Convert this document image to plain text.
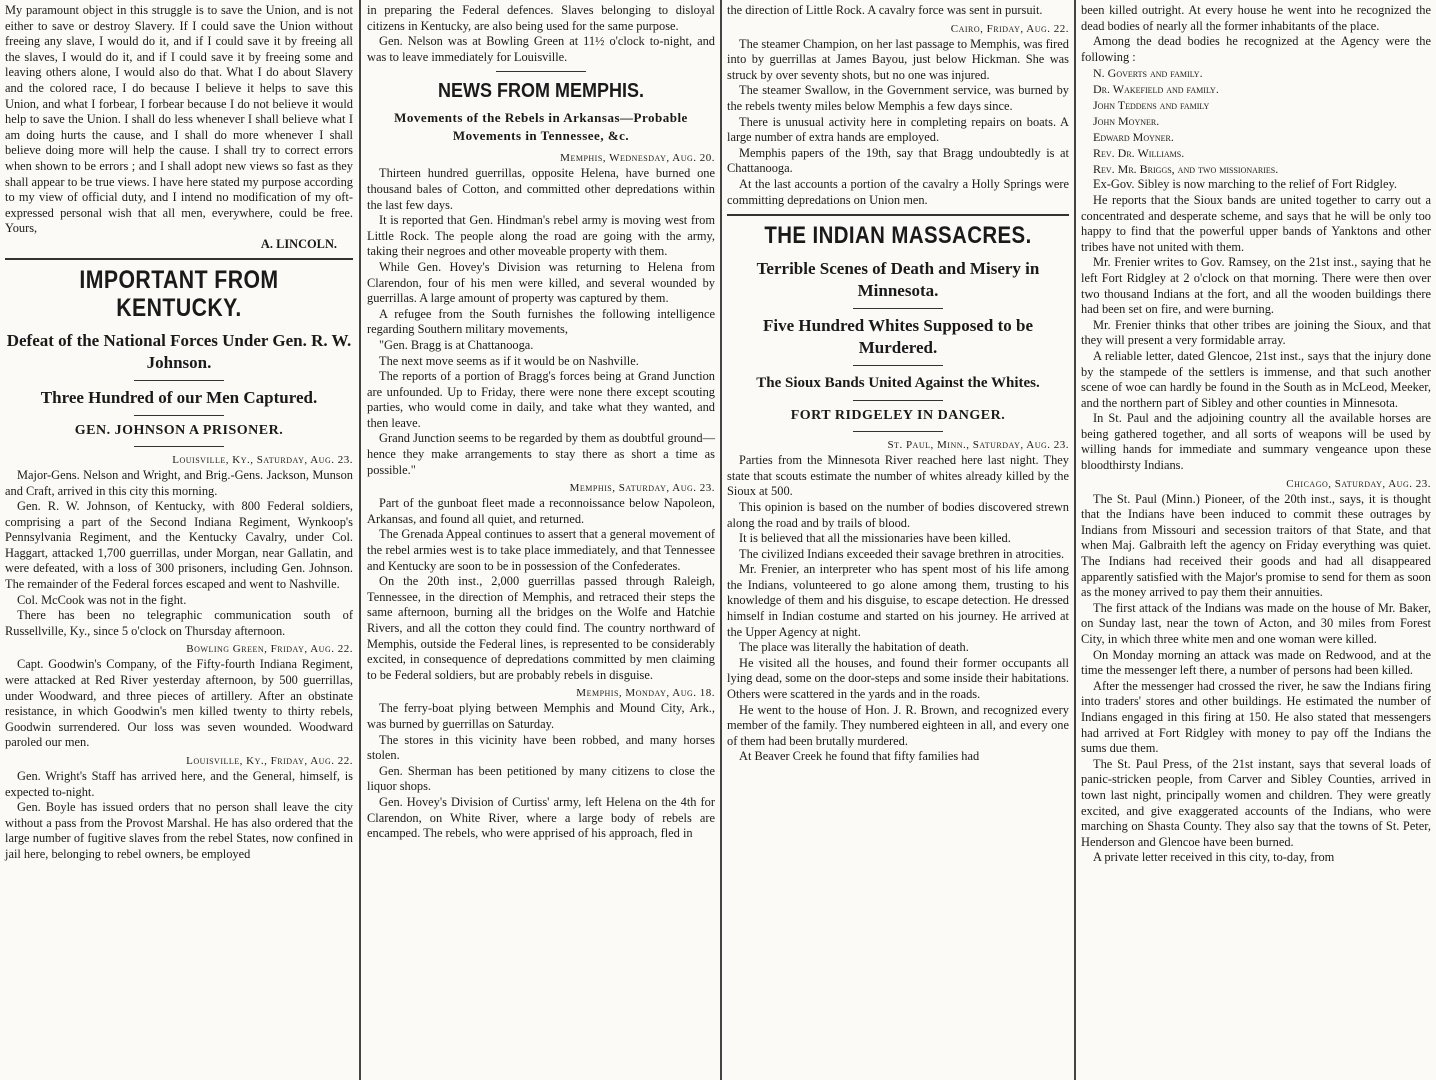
My paramount object in this struggle is to save the Union, and is not either to save or destroy Slavery. If I could save the Union without freeing any slave, I would do it, and if I could save it by freeing all the slaves, I would do it, and if I could save it by freeing some and leaving others alone, I would also do that. What I do about Slavery and the colored race, I do because I believe it helps to save this Union, and what I forbear, I forbear because I do not believe it would help to save the Union. I shall do less whenever I shall believe what I am doing hurts the cause, and I shall do more whenever I shall believe doing more will help the cause. I shall try to correct errors when shown to be errors ; and I shall adopt new views so fast as they shall appear to be true views. I have here stated my purpose according to my view of official duty, and I intend no modification of my oft-expressed personal wish that all men, everywhere, could be free. Yours,

A. LINCOLN.

IMPORTANT FROM KENTUCKY.
Defeat of the National Forces Under Gen. R. W. Johnson.
Three Hundred of our Men Captured.
GEN. JOHNSON A PRISONER.
Louisville, Ky., Saturday, Aug. 23.

Major-Gens. Nelson and Wright, and Brig.-Gens. Jackson, Munson and Craft, arrived in this city this morning.

Gen. R. W. Johnson, of Kentucky, with 800 Federal soldiers, comprising a part of the Second Indiana Regiment, Wynkoop's Pennsylvania Regiment, and the Kentucky Cavalry, under Col. Haggart, attacked 1,700 guerrillas, under Morgan, near Gallatin, and were defeated, with a loss of 300 prisoners, including Gen. Johnson. The remainder of the Federal forces escaped and went to Nashville.

Col. McCook was not in the fight.

There has been no telegraphic communication south of Russellville, Ky., since 5 o'clock on Thursday afternoon.

Bowling Green, Friday, Aug. 22.

Capt. Goodwin's Company, of the Fifty-fourth Indiana Regiment, were attacked at Red River yesterday afternoon, by 500 guerrillas, under Woodward, and three pieces of artillery. After an obstinate resistance, in which Goodwin's men killed twenty to thirty rebels, Goodwin surrendered. Our loss was seven wounded. Woodward paroled our men.

Louisville, Ky., Friday, Aug. 22.

Gen. Wright's Staff has arrived here, and the General, himself, is expected to-night.

Gen. Boyle has issued orders that no person shall leave the city without a pass from the Provost Marshal. He has also ordered that the large number of fugitive slaves from the rebel States, now confined in jail here, belonging to rebel owners, be employed

in preparing the Federal defences. Slaves belonging to disloyal citizens in Kentucky, are also being used for the same purpose.

Gen. Nelson was at Bowling Green at 11½ o'clock to-night, and was to leave immediately for Louisville.

NEWS FROM MEMPHIS.
Movements of the Rebels in Arkansas—Probable Movements in Tennessee, &c.
Memphis, Wednesday, Aug. 20.

Thirteen hundred guerrillas, opposite Helena, have burned one thousand bales of Cotton, and committed other depredations within the last few days.

It is reported that Gen. Hindman's rebel army is moving west from Little Rock. The people along the road are going with the army, taking their negroes and other moveable property with them.

While Gen. Hovey's Division was returning to Helena from Clarendon, four of his men were killed, and several wounded by guerrillas. A large amount of property was captured by them.

A refugee from the South furnishes the following intelligence regarding Southern military movements,

"Gen. Bragg is at Chattanooga.

The next move seems as if it would be on Nashville.

The reports of a portion of Bragg's forces being at Grand Junction are unfounded. Up to Friday, there were none there except scouting parties, who would come in daily, and take what they wanted, and then leave.

Grand Junction seems to be regarded by them as doubtful ground—hence they make arrangements to stay there as short a time as possible."

Memphis, Saturday, Aug. 23.

Part of the gunboat fleet made a reconnoissance below Napoleon, Arkansas, and found all quiet, and returned.

The Grenada Appeal continues to assert that a general movement of the rebel armies west is to take place immediately, and that Tennessee and Kentucky are soon to be in possession of the Confederates.

On the 20th inst., 2,000 guerrillas passed through Raleigh, Tennessee, in the direction of Memphis, and retraced their steps the same afternoon, burning all the bridges on the Wolfe and Hatchie Rivers, and all the cotton they could find. The country northward of Memphis, outside the Federal lines, is represented to be considerably excited, in consequence of depredations committed by men claiming to be Federal soldiers, but are probably rebels in disguise.

Memphis, Monday, Aug. 18.

The ferry-boat plying between Memphis and Mound City, Ark., was burned by guerrillas on Saturday.

The stores in this vicinity have been robbed, and many horses stolen.

Gen. Sherman has been petitioned by many citizens to close the liquor shops.

Gen. Hovey's Division of Curtiss' army, left Helena on the 4th for Clarendon, on White River, where a large body of rebels are encamped. The rebels, who were apprised of his approach, fled in

the direction of Little Rock. A cavalry force was sent in pursuit.

Cairo, Friday, Aug. 22.

The steamer Champion, on her last passage to Memphis, was fired into by guerrillas at James Bayou, just below Hickman. She was struck by over seventy shots, but no one was injured.

The steamer Swallow, in the Government service, was burned by the rebels twenty miles below Memphis a few days since.

There is unusual activity here in completing repairs on boats. A large number of extra hands are employed.

Memphis papers of the 19th, say that Bragg undoubtedly is at Chattanooga.

At the last accounts a portion of the cavalry a Holly Springs were committing depredations on Union men.

THE INDIAN MASSACRES.
Terrible Scenes of Death and Misery in Minnesota.
Five Hundred Whites Supposed to be Murdered.
The Sioux Bands United Against the Whites.
FORT RIDGELEY IN DANGER.
St. Paul, Minn., Saturday, Aug. 23.

Parties from the Minnesota River reached here last night. They state that scouts estimate the number of whites already killed by the Sioux at 500.

This opinion is based on the number of bodies discovered strewn along the road and by trails of blood.

It is believed that all the missionaries have been killed.

The civilized Indians exceeded their savage brethren in atrocities.

Mr. Frenier, an interpreter who has spent most of his life among the Indians, volunteered to go alone among them, trusting to his knowledge of them and his disguise, to escape detection. He dressed himself in Indian costume and started on his journey. He arrived at the Upper Agency at night.

The place was literally the habitation of death.

He visited all the houses, and found their former occupants all lying dead, some on the door-steps and some inside their habitations. Others were scattered in the yards and in the roads.

He went to the house of Hon. J. R. Brown, and recognized every member of the family. They numbered eighteen in all, and every one of them had been brutally murdered.

At Beaver Creek he found that fifty families had

been killed outright. At every house he went into he recognized the dead bodies of nearly all the former inhabitants of the place.

Among the dead bodies he recognized at the Agency were the following :

N. Goverts and family.
Dr. Wakefield and family.
John Teddens and family
John Moyner.
Edward Moyner.
Rev. Dr. Williams.
Rev. Mr. Briggs, and two missionaries.

Ex-Gov. Sibley is now marching to the relief of Fort Ridgley.

He reports that the Sioux bands are united together to carry out a concentrated and desperate scheme, and says that he will be only too happy to find that the powerful upper bands of Yanktons and other tribes have not united with them.

Mr. Frenier writes to Gov. Ramsey, on the 21st inst., saying that he left Fort Ridgley at 2 o'clock on that morning. There were then over two thousand Indians at the fort, and all the wooden buildings there had been set on fire, and were burning.

Mr. Frenier thinks that other tribes are joining the Sioux, and that they will present a very formidable array.

A reliable letter, dated Glencoe, 21st inst., says that the injury done by the stampede of the settlers is immense, and that such another scene of woe can hardly be found in the South as in McLeod, Meeker, and the northern part of Sibley and other counties in Minnesota.

In St. Paul and the adjoining country all the available horses are being gathered together, and all sorts of weapons will be used by willing hands for immediate and summary vengeance upon these bloodthirsty Indians.

Chicago, Saturday, Aug. 23.

The St. Paul (Minn.) Pioneer, of the 20th inst., says, it is thought that the Indians have been induced to commit these outrages by Indians from Missouri and secession traitors of that State, and that when Maj. Galbraith left the agency on Friday everything was quiet. The Indians had received their goods and had all disappeared apparently satisfied with the Major's promise to send for them as soon as the money arrived to pay them their annuities.

The first attack of the Indians was made on the house of Mr. Baker, on Sunday last, near the town of Acton, and 30 miles from Forest City, in which three white men and one woman were killed.

On Monday morning an attack was made on Redwood, and at the time the messenger left there, a number of persons had been killed.

After the messenger had crossed the river, he saw the Indians firing into traders' stores and other buildings. He estimated the number of Indians engaged in this firing at 150. He also stated that messengers had arrived at Fort Ridgley with money to pay off the Indians the sums due them.

The St. Paul Press, of the 21st instant, says that several loads of panic-stricken people, from Carver and Sibley Counties, arrived in town last night, principally women and children. They were greatly excited, and give exaggerated accounts of the Indians, who were marching on Shasta County. They also say that the towns of St. Peter, Henderson and Glencoe have been burned.

A private letter received in this city, to-day, from
